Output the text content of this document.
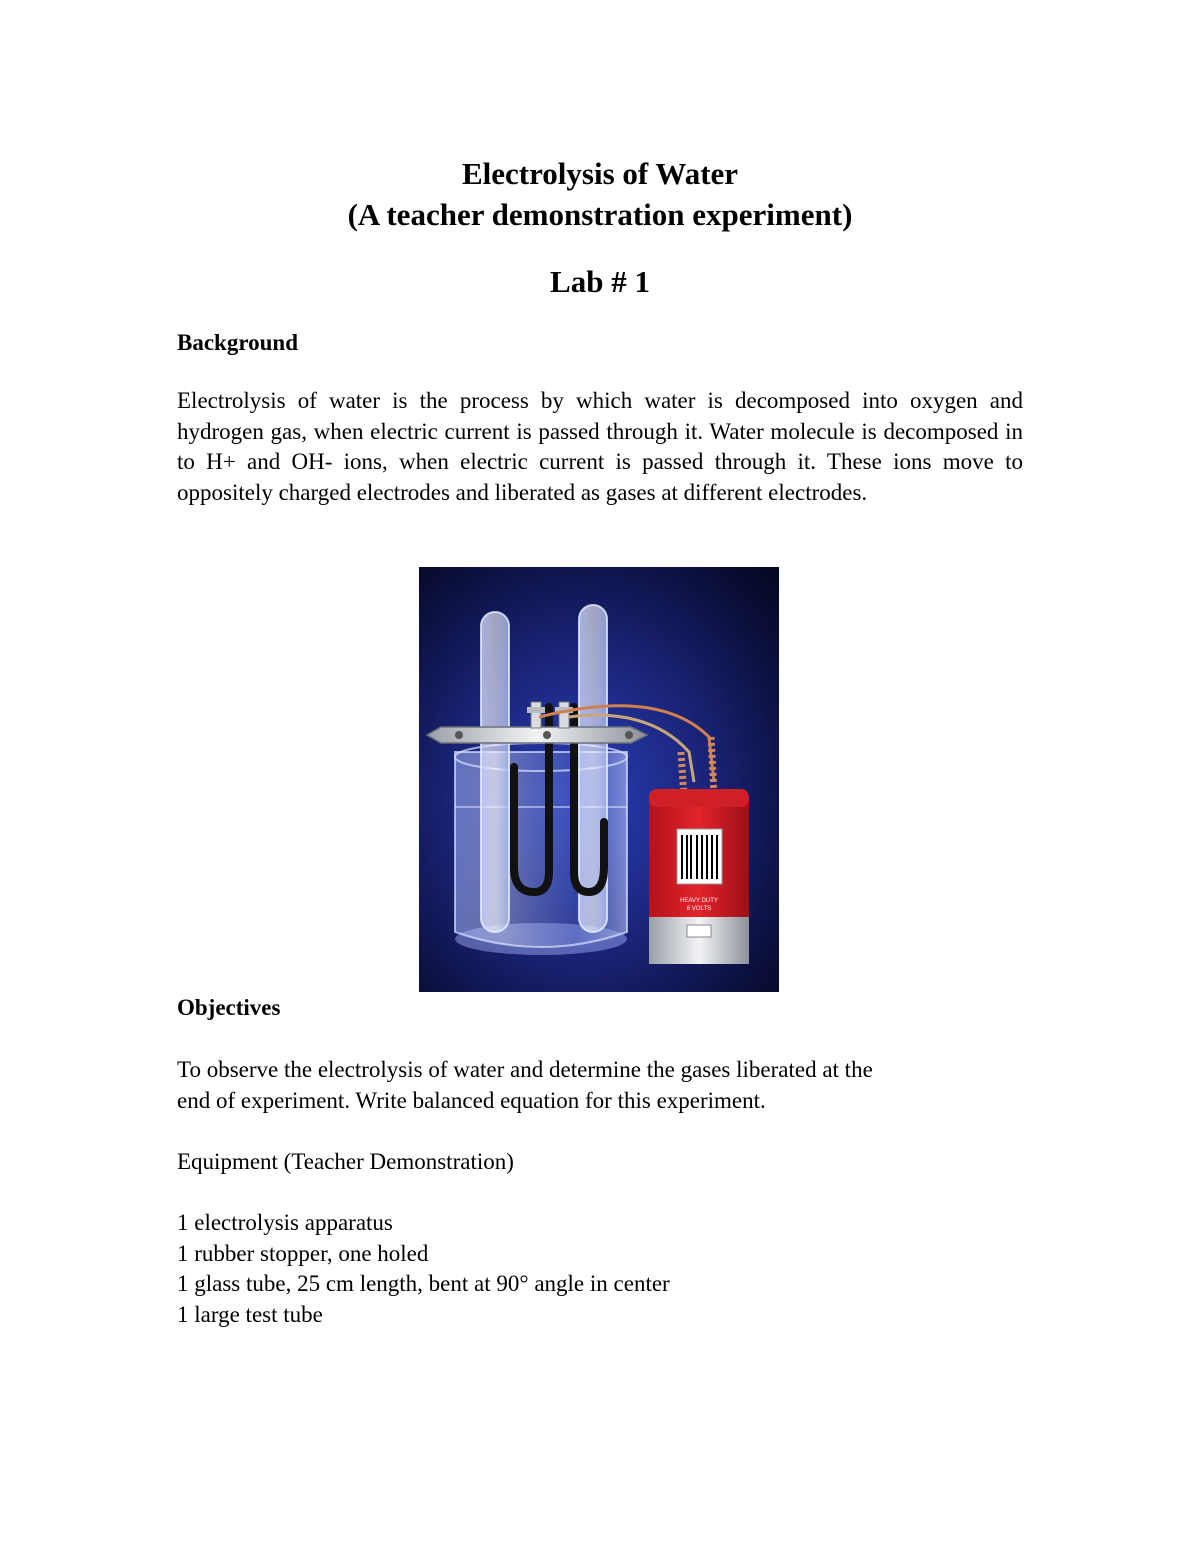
Electrolysis of Water
(A teacher demonstration experiment)
Lab # 1
Background

Electrolysis of water is the process by which water is decomposed into oxygen and hydrogen gas, when electric current is passed through it. Water molecule is decomposed in to H+ and OH- ions, when electric current is passed through it. These ions move to oppositely charged electrodes and liberated as gases at different electrodes.

HEAVY DUTY
6 VOLTS
Objectives
To observe the electrolysis of water and determine the gases liberated at the
end of experiment. Write balanced equation for this experiment.
Equipment (Teacher Demonstration)
1 electrolysis apparatus
1 rubber stopper, one holed
1 glass tube, 25 cm length, bent at 90° angle in center
1 large test tube
